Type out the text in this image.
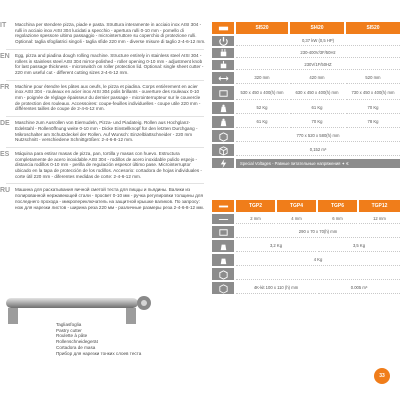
IT Macchina per stendere pizza, piade e pasta. Struttura interamente in acciaio inox AISI 304 - rulli in acciaio inox AISI 304 lucidati a specchio - apertura rulli 0-10 mm - pomello di regolazione spessore ultimo passaggio - microinterruttore su coperchio di protezione rulli. Optional: taglia sfogliatrici singoli - taglia sfide 220 mm - diverse misure di taglio 2-4-6-12 mm.

EN Egg, pizza and piadina dough rolling machine. Structure entirely in stainless steel AISI 304 - rollers in stainless steel AISI 304 mirror-polished - roller opening 0-10 mm - adjustment knob for last passage thickness - microswitch on roller protection lid. Optional: single sheet cutter - 220 mm useful cut - different cutting sizes 2-4-6-12 mm.

FR Machine pour étendre les pâtes aux oeufs, le pizza et piadina. Corps entièrement en acier inox AISI 304 - rouleaux en acier inox AISI 304 polis brillants - ouverture des rouleaux 0-10 mm - poignée de réglage épaisseur du dernier passage - microinterrupteur sur le couvercle de protection des rouleaux. Accessoires: coupe-feuilles individuelles - coupe utile 220 mm - différentes tailles de coupe de 2-4-6-12 mm.

DE Maschine zum Ausrollen von Eiernudeln, Pizza- und Piadateig. Rollen aus Hochglanz-Edelstahl - Rollenöffnung weite 0-10 mm - Dicke Einstellknopf für den letzten Durchgang - Mikroschalter am Schutzdeckel der Rollen. Auf Wunsch: Einzelblattschneider - 220 mm Nutzschnitt - verschiedene Schnittgrößen: 2-4-6-8-12 mm.

ES Máquina para estirar masas de pizza, pan, tortilla y masas con huevo. Estructura completamente de acero inoxidable AISI 304 - rodillos de acero inoxidable pulido espejo - distancia rodillos 0-10 mm - perilla de regulación espesor último pase. Microinterruptor ubicado en la tapa de protección de los rodillos. Accesorio: cortadora de hojas individuales - corte útil 220 mm - diferentes medidas de corte: 2-4-6-12 mm.

RU Машина для раскатывания яичной сметой теста для пиццы и пьядины. Валики из полированной нержавеющей стали - просвет 0-10 мм - ручка регулировки толщины для последнего прохода - микропереключатель на защитной крышке валиков. По запросу: нож для нарезки листов - ширина реза 220 мм - различные размеры реза 2-4-6-8-12 мм.

Tagliasfoglia
Pastry cutter
Roulette à pâte
Rollenschneidegerät
Cortadora de masa
Прибор для нарезки тонких слоев теста
SI520	SI420	SI520
0,37 kW (0,5 HP)
230-400V/3F/50Hz
230V/1F/50HZ
320 mm	420 mm	520 mm
530 x 450 x 400(h) mm	630 x 450 x 400(h) mm	730 x 450 x 400(h) mm
52 Kg	61 Kg	70 Kg
61 Kg	70 Kg	78 Kg
770 x 520 x 580(h) mm
0,152 m³
Special Voltages - Равные питательные напряжения ✦ €
TGP2	TGP4	TGP6	TGP12
2 mm	4 mm	6 mm	12 mm
290 x 70 x 70(h) mm
3,2 Kg	3,5 Kg
4 Kg
4K-kit 100 x 110 (h) mm	0.005 m³
33
